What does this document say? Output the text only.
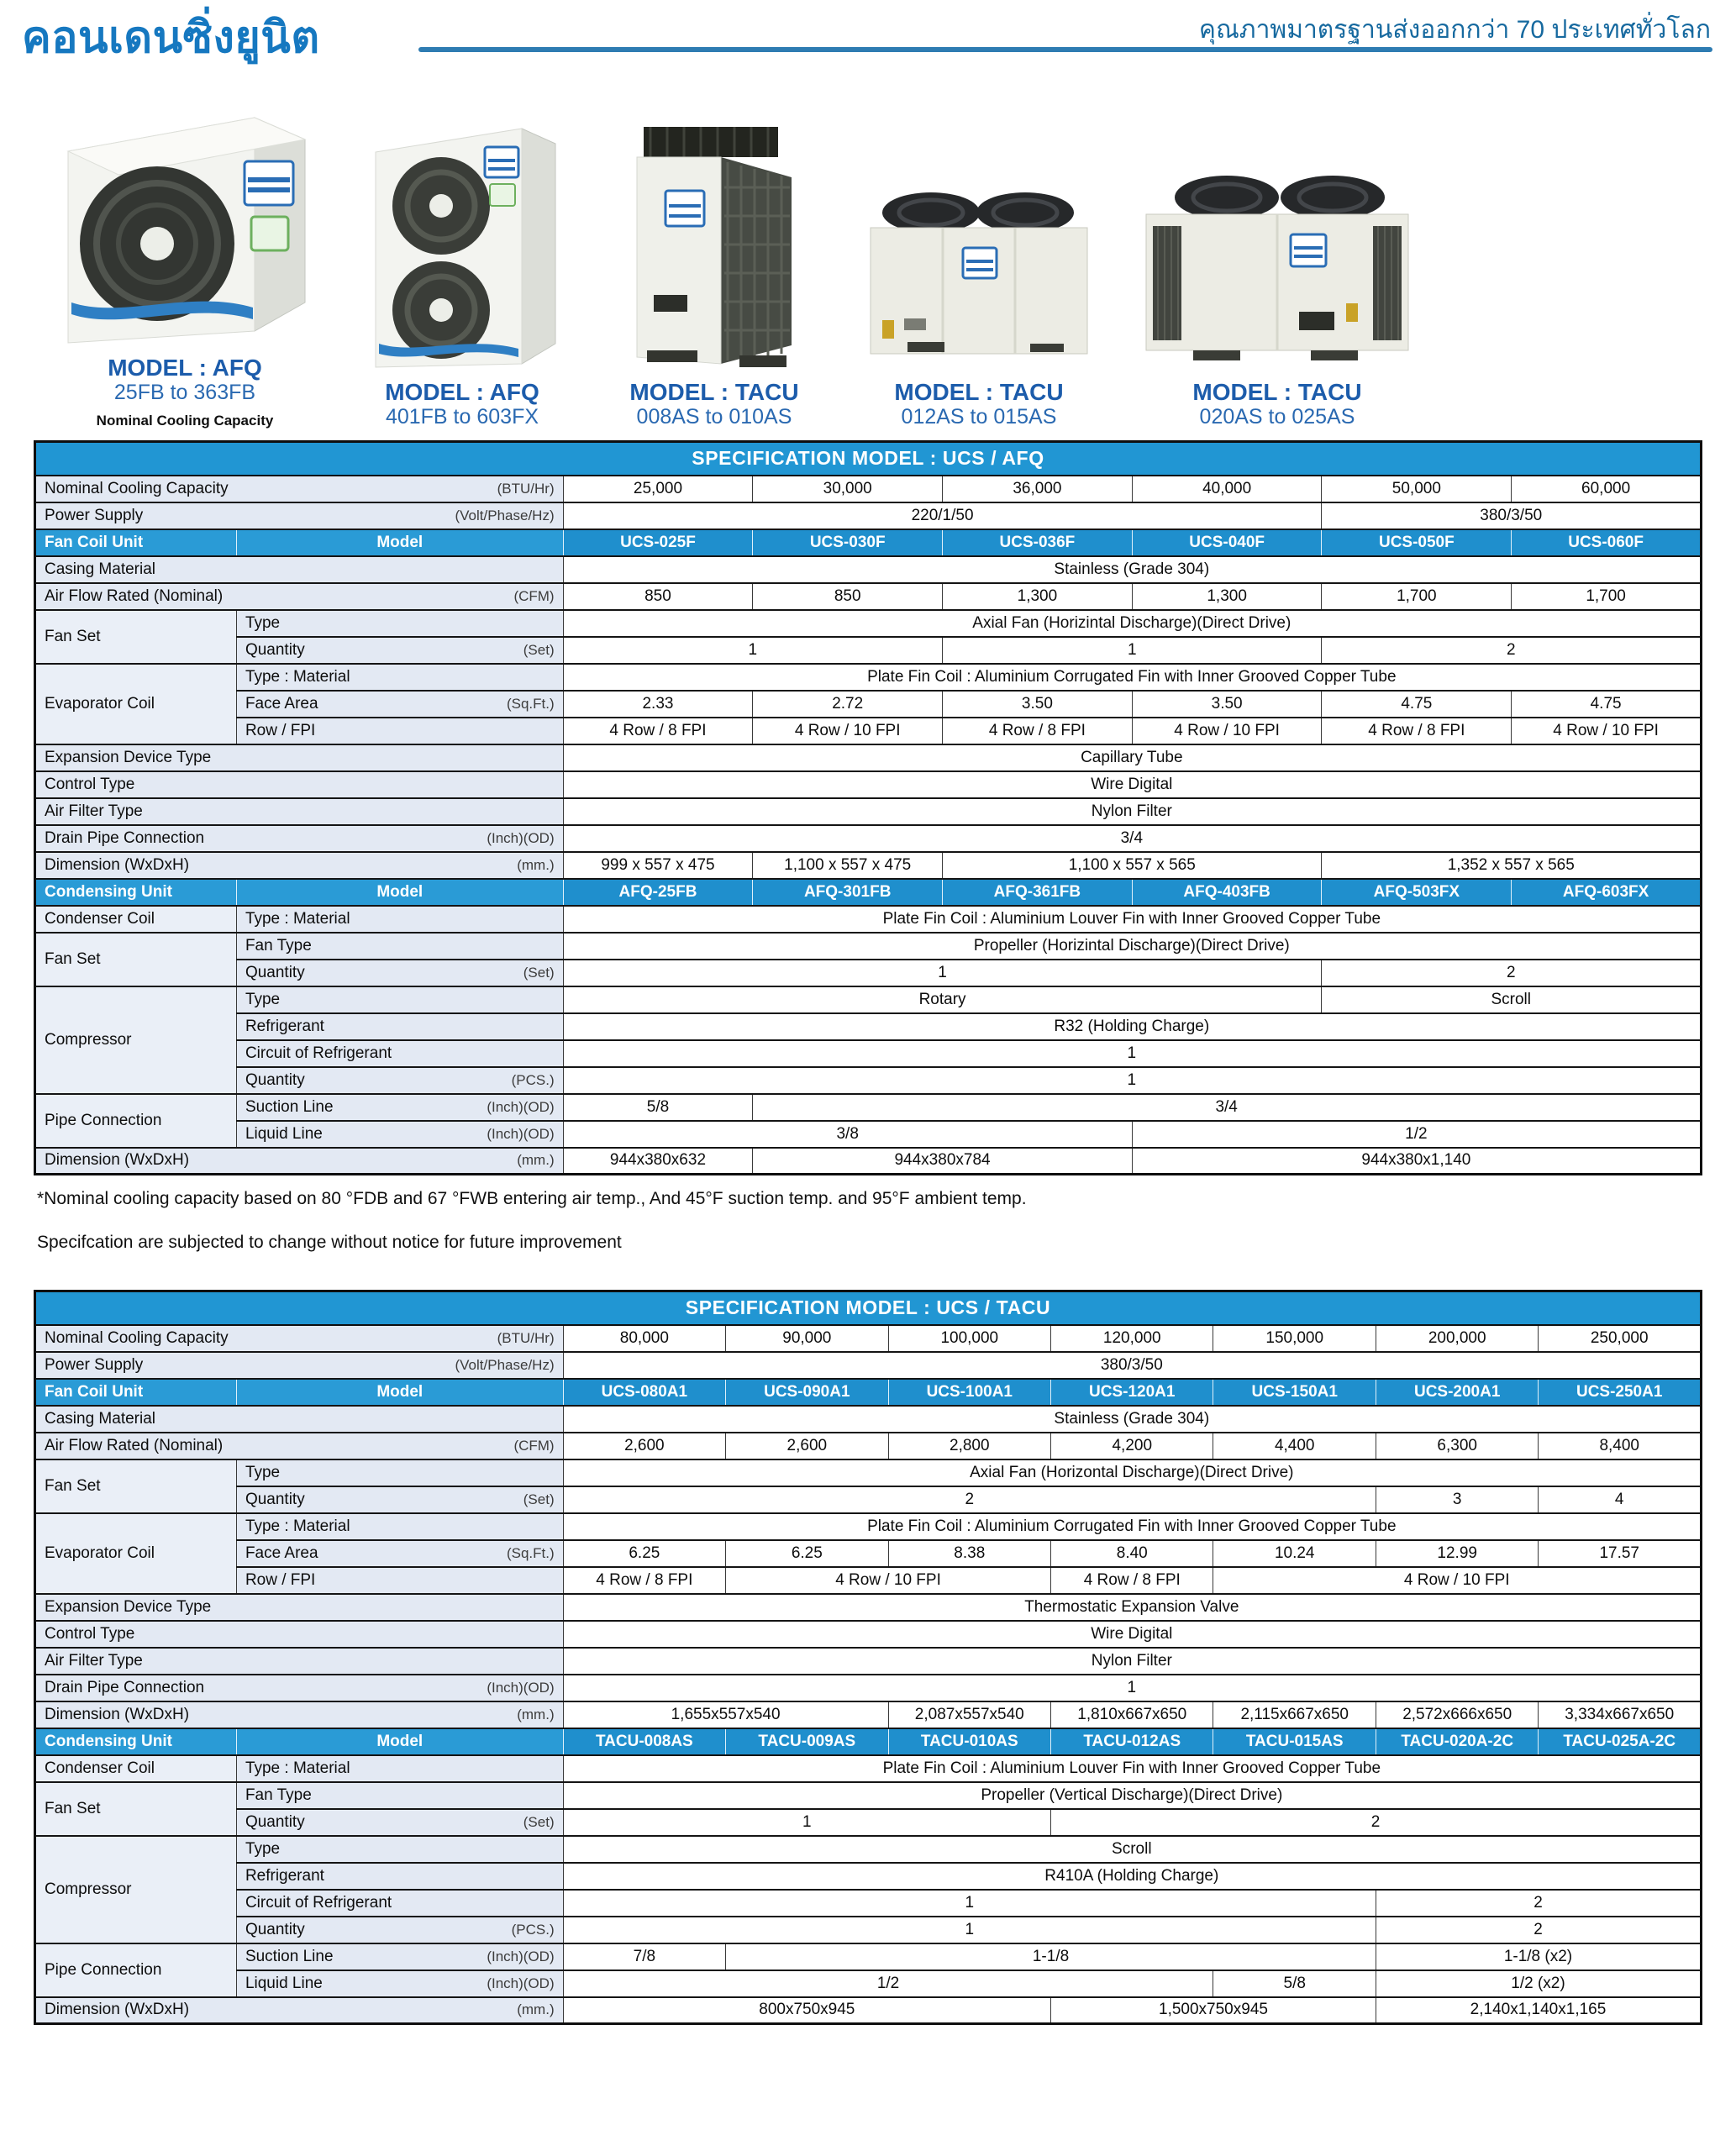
คอนเดนซิ่งยูนิต	คุณภาพมาตรฐานส่งออกกว่า 70 ประเทศทั่วโลก
MODEL : AFQ
25FB to 363FB
Nominal Cooling Capacity
MODEL : AFQ
401FB to 603FX
MODEL : TACU
008AS to 010AS
MODEL : TACU
012AS to 015AS
MODEL : TACU
020AS to 025AS
SPECIFICATION MODEL : UCS / AFQ							

Nominal Cooling Capacity (BTU/Hr)		25,000	30,000	36,000	40,000	50,000	60,000

Power Supply (Volt/Phase/Hz)		220/1/50				380/3/50	
Fan Coil Unit	Model	UCS-025F	UCS-030F	UCS-036F	UCS-040F	UCS-050F	UCS-060F

Casing Material		Stainless (Grade 304)					

Air Flow Rated (Nominal) (CFM)		850	850	1,300	1,300	1,700	1,700
Fan Set	Type	Axial Fan (Horizintal Discharge)(Direct Drive)					

	Quantity (Set)	1		1		2	
Evaporator Coil	Type : Material	Plate Fin Coil : Aluminium Corrugated Fin with Inner Grooved Copper Tube					

	Face Area (Sq.Ft.)	2.33	2.72	3.50	3.50	4.75	4.75

	Row / FPI	4 Row / 8 FPI	4 Row / 10 FPI	4 Row / 8 FPI	4 Row / 10 FPI	4 Row / 8 FPI	4 Row / 10 FPI

Expansion Device Type		Capillary Tube					

Control Type		Wire Digital					

Air Filter Type		Nylon Filter					

Drain Pipe Connection (Inch)(OD)		3/4					

Dimension (WxDxH) (mm.)		999 x 557 x 475	1,100 x 557 x 475	1,100 x 557 x 565		1,352 x 557 x 565	
Condensing Unit	Model	AFQ-25FB	AFQ-301FB	AFQ-361FB	AFQ-403FB	AFQ-503FX	AFQ-603FX
Condenser Coil	Type : Material	Plate Fin Coil : Aluminium Louver Fin with Inner Grooved Copper Tube					
Fan Set	Fan Type	Propeller (Horizintal Discharge)(Direct Drive)					

	Quantity (Set)	1				2	
Compressor	Type	Rotary				Scroll	

	Refrigerant	R32 (Holding Charge)					

	Circuit of Refrigerant	1					

	Quantity (PCS.)	1					
Pipe Connection	Suction Line (Inch)(OD)	5/8	3/4				

	Liquid Line (Inch)(OD)	3/8			1/2		

Dimension (WxDxH) (mm.)		944x380x632	944x380x784		944x380x1,140		

*Nominal cooling capacity based on 80 °FDB and 67 °FWB entering air temp., And 45°F suction temp. and 95°F ambient temp.

Specifcation are subjected to change without notice for future improvement

SPECIFICATION MODEL : UCS / TACU								

Nominal Cooling Capacity (BTU/Hr)		80,000	90,000	100,000	120,000	150,000	200,000	250,000

Power Supply (Volt/Phase/Hz)		380/3/50						
Fan Coil Unit	Model	UCS-080A1	UCS-090A1	UCS-100A1	UCS-120A1	UCS-150A1	UCS-200A1	UCS-250A1

Casing Material		Stainless (Grade 304)						

Air Flow Rated (Nominal) (CFM)		2,600	2,600	2,800	4,200	4,400	6,300	8,400
Fan Set	Type	Axial Fan (Horizontal Discharge)(Direct Drive)						

	Quantity (Set)	2					3	4
Evaporator Coil	Type : Material	Plate Fin Coil : Aluminium Corrugated Fin with Inner Grooved Copper Tube						

	Face Area (Sq.Ft.)	6.25	6.25	8.38	8.40	10.24	12.99	17.57

	Row / FPI	4 Row / 8 FPI	4 Row / 10 FPI		4 Row / 8 FPI	4 Row / 10 FPI		

Expansion Device Type		Thermostatic Expansion Valve						

Control Type		Wire Digital						

Air Filter Type		Nylon Filter						

Drain Pipe Connection (Inch)(OD)		1						

Dimension (WxDxH) (mm.)		1,655x557x540		2,087x557x540	1,810x667x650	2,115x667x650	2,572x666x650	3,334x667x650
Condensing Unit	Model	TACU-008AS	TACU-009AS	TACU-010AS	TACU-012AS	TACU-015AS	TACU-020A-2C	TACU-025A-2C
Condenser Coil	Type : Material	Plate Fin Coil : Aluminium Louver Fin with Inner Grooved Copper Tube						
Fan Set	Fan Type	Propeller (Vertical Discharge)(Direct Drive)						

	Quantity (Set)	1			2			
Compressor	Type	Scroll						

	Refrigerant	R410A (Holding Charge)						

	Circuit of Refrigerant	1					2	

	Quantity (PCS.)	1					2	
Pipe Connection	Suction Line (Inch)(OD)	7/8	1-1/8				1-1/8 (x2)	

	Liquid Line (Inch)(OD)	1/2				5/8	1/2 (x2)	

Dimension (WxDxH) (mm.)		800x750x945			1,500x750x945		2,140x1,140x1,165	
